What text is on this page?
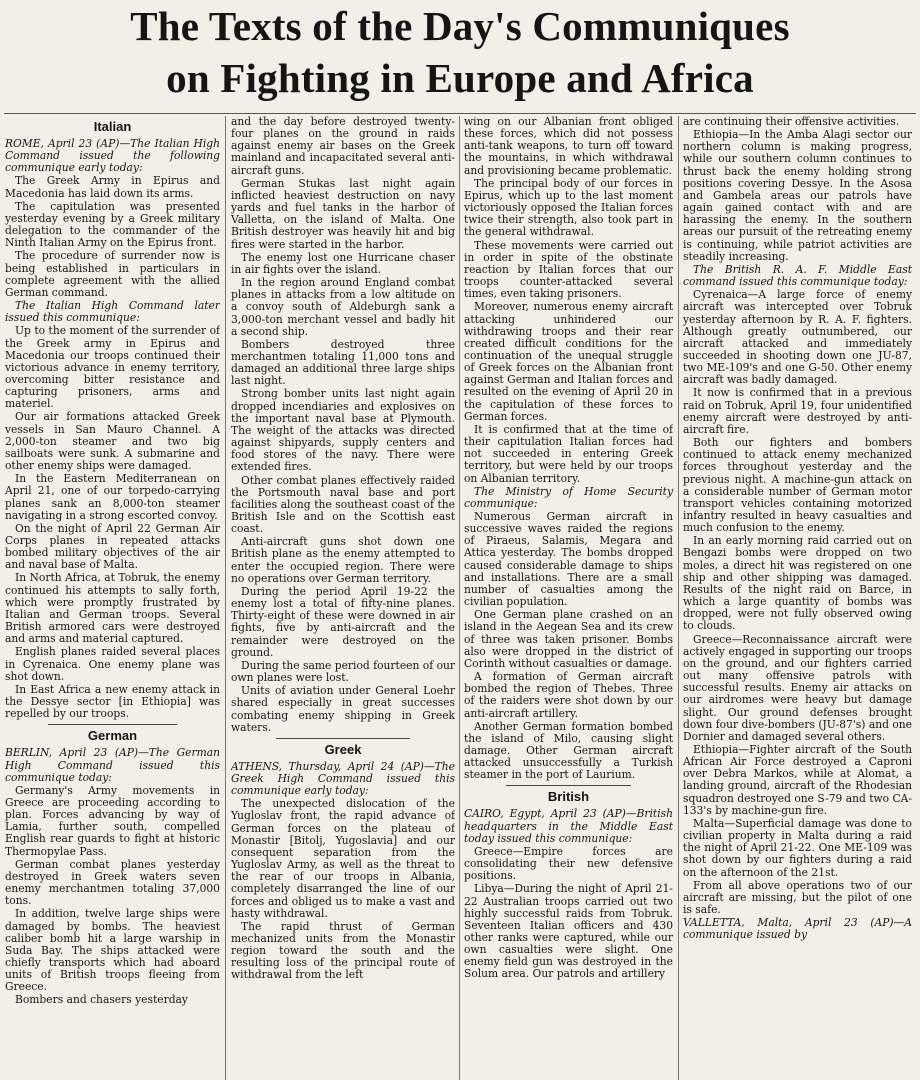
The Texts of the Day's Communiques
on Fighting in Europe and Africa
Italian

ROME, April 23 (AP)—The Italian High Command issued the following communique early today:

The Greek Army in Epirus and Macedonia has laid down its arms.

The capitulation was presented yesterday evening by a Greek military delegation to the commander of the Ninth Italian Army on the Epirus front.

The procedure of surrender now is being established in particulars in complete agreement with the allied German command.

The Italian High Command later issued this communique:

Up to the moment of the surrender of the Greek army in Epirus and Macedonia our troops continued their victorious advance in enemy territory, overcoming bitter resistance and capturing prisoners, arms and materiel.

Our air formations attacked Greek vessels in San Mauro Channel. A 2,000-ton steamer and two big sailboats were sunk. A submarine and other enemy ships were damaged.

In the Eastern Mediterranean on April 21, one of our torpedo-carrying planes sank an 8,000-ton steamer navigating in a strong escorted convoy.

On the night of April 22 German Air Corps planes in repeated attacks bombed military objectives of the air and naval base of Malta.

In North Africa, at Tobruk, the enemy continued his attempts to sally forth, which were promptly frustrated by Italian and German troops. Several British armored cars were destroyed and arms and material captured.

English planes raided several places in Cyrenaica. One enemy plane was shot down.

In East Africa a new enemy attack in the Dessye sector [in Ethiopia] was repelled by our troops.

German

BERLIN, April 23 (AP)—The German High Command issued this communique today:

Germany's Army movements in Greece are proceeding according to plan. Forces advancing by way of Lamia, further south, compelled English rear guards to fight at historic Thermopylae Pass.

German combat planes yesterday destroyed in Greek waters seven enemy merchantmen totaling 37,000 tons.

In addition, twelve large ships were damaged by bombs. The heaviest caliber bomb hit a large warship in Suda Bay. The ships attacked were chiefly transports which had aboard units of British troops fleeing from Greece.

Bombers and chasers yesterday

and the day before destroyed twenty-four planes on the ground in raids against enemy air bases on the Greek mainland and incapacitated several anti-aircraft guns.

German Stukas last night again inflicted heaviest destruction on navy yards and fuel tanks in the harbor of Valletta, on the island of Malta. One British destroyer was heavily hit and big fires were started in the harbor.

The enemy lost one Hurricane chaser in air fights over the island.

In the region around England combat planes in attacks from a low altitude on a convoy south of Aldeburgh sank a 3,000-ton merchant vessel and badly hit a second ship.

Bombers destroyed three merchantmen totaling 11,000 tons and damaged an additional three large ships last night.

Strong bomber units last night again dropped incendiaries and explosives on the important naval base at Plymouth. The weight of the attacks was directed against shipyards, supply centers and food stores of the navy. There were extended fires.

Other combat planes effectively raided the Portsmouth naval base and port facilities along the southeast coast of the British Isle and on the Scottish east coast.

Anti-aircraft guns shot down one British plane as the enemy attempted to enter the occupied region. There were no operations over German territory.

During the period April 19-22 the enemy lost a total of fifty-nine planes. Thirty-eight of these were downed in air fights, five by anti-aircraft and the remainder were destroyed on the ground.

During the same period fourteen of our own planes were lost.

Units of aviation under General Loehr shared especially in great successes combating enemy shipping in Greek waters.

Greek

ATHENS, Thursday, April 24 (AP)—The Greek High Command issued this communique early today:

The unexpected dislocation of the Yugloslav front, the rapid advance of German forces on the plateau of Monastir [Bitolj, Yugoslavia] and our consequent separation from the Yugloslav Army, as well as the threat to the rear of our troops in Albania, completely disarranged the line of our forces and obliged us to make a vast and hasty withdrawal.

The rapid thrust of German mechanized units from the Monastir region toward the south and the resulting loss of the principal route of withdrawal from the left

wing on our Albanian front obliged these forces, which did not possess anti-tank weapons, to turn off toward the mountains, in which withdrawal and provisioning became problematic.

The principal body of our forces in Epirus, which up to the last moment victoriously opposed the Italian forces twice their strength, also took part in the general withdrawal.

These movements were carried out in order in spite of the obstinate reaction by Italian forces that our troops counter-attacked several times, even taking prisoners.

Moreover, numerous enemy aircraft attacking unhindered our withdrawing troops and their rear created difficult conditions for the continuation of the unequal struggle of Greek forces on the Albanian front against German and Italian forces and resulted on the evening of April 20 in the capitulation of these forces to German forces.

It is confirmed that at the time of their capitulation Italian forces had not succeeded in entering Greek territory, but were held by our troops on Albanian territory.

The Ministry of Home Security communique:

Numerous German aircraft in successive waves raided the regions of Piraeus, Salamis, Megara and Attica yesterday. The bombs dropped caused considerable damage to ships and installations. There are a small number of casualties among the civilian population.

One German plane crashed on an island in the Aegean Sea and its crew of three was taken prisoner. Bombs also were dropped in the district of Corinth without casualties or damage.

A formation of German aircraft bombed the region of Thebes. Three of the raiders were shot down by our anti-aircraft artillery.

Another German formation bombed the island of Milo, causing slight damage. Other German aircraft attacked unsuccessfully a Turkish steamer in the port of Laurium.

British

CAIRO, Egypt, April 23 (AP)—British headquarters in the Middle East today issued this communique:

Greece—Empire forces are consolidating their new defensive positions.

Libya—During the night of April 21-22 Australian troops carried out two highly successful raids from Tobruk. Seventeen Italian officers and 430 other ranks were captured, while our own casualties were slight. One enemy field gun was destroyed in the Solum area. Our patrols and artillery

are continuing their offensive activities.

Ethiopia—In the Amba Alagi sector our northern column is making progress, while our southern column continues to thrust back the enemy holding strong positions covering Dessye. In the Asosa and Gambela areas our patrols have again gained contact with and are harassing the enemy. In the southern areas our pursuit of the retreating enemy is continuing, while patriot activities are steadily increasing.

The British R. A. F. Middle East command issued this communique today:

Cyrenaica—A large force of enemy aircraft was intercepted over Tobruk yesterday afternoon by R. A. F. fighters. Although greatly outnumbered, our aircraft attacked and immediately succeeded in shooting down one JU-87, two ME-109's and one G-50. Other enemy aircraft was badly damaged.

It now is confirmed that in a previous raid on Tobruk, April 19, four unidentified enemy aircraft were destroyed by anti-aircraft fire.

Both our fighters and bombers continued to attack enemy mechanized forces throughout yesterday and the previous night. A machine-gun attack on a considerable number of German motor transport vehicles containing motorized infantry resulted in heavy casualties and much confusion to the enemy.

In an early morning raid carried out on Bengazi bombs were dropped on two moles, a direct hit was registered on one ship and other shipping was damaged. Results of the night raid on Barce, in which a large quantity of bombs was dropped, were not fully observed owing to clouds.

Greece—Reconnaissance aircraft were actively engaged in supporting our troops on the ground, and our fighters carried out many offensive patrols with successful results. Enemy air attacks on our airdromes were heavy but damage slight. Our ground defenses brought down four dive-bombers (JU-87's) and one Dornier and damaged several others.

Ethiopia—Fighter aircraft of the South African Air Force destroyed a Caproni over Debra Markos, while at Alomat, a landing ground, aircraft of the Rhodesian squadron destroyed one S-79 and two CA-133's by machine-gun fire.

Malta—Superficial damage was done to civilian property in Malta during a raid the night of April 21-22. One ME-109 was shot down by our fighters during a raid on the afternoon of the 21st.

From all above operations two of our aircraft are missing, but the pilot of one is safe.

VALLETTA, Malta, April 23 (AP)—A communique issued by
